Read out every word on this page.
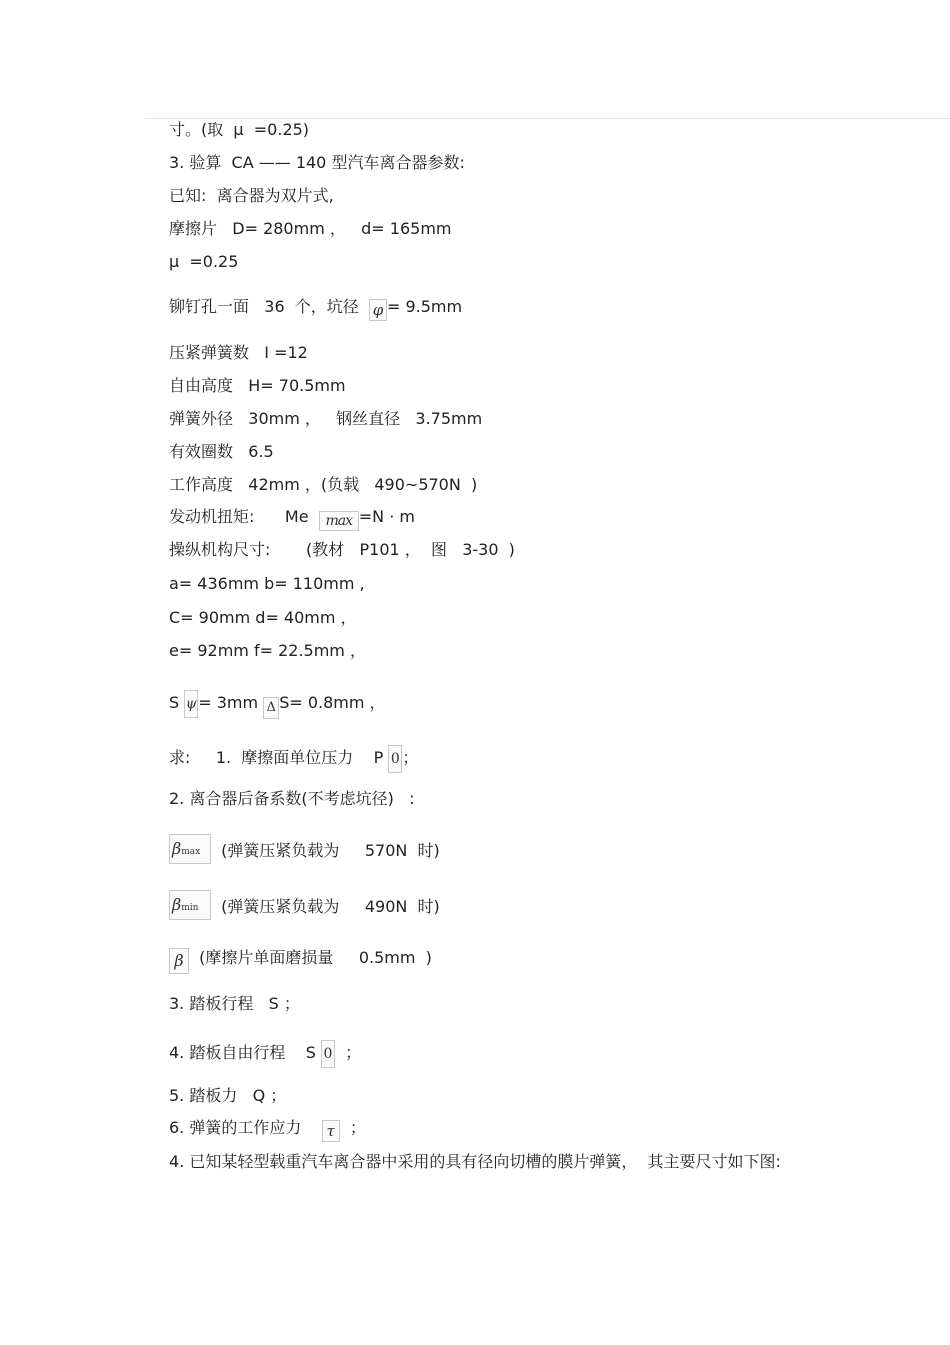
寸。(取  μ  =0.25)
3. 验算  CA —— 140 型汽车离合器参数:
已知:  离合器为双片式,
摩擦片   D= 280mm ，   d= 165mm
μ  =0.25
铆钉孔一面   36  个，坑径  φ = 9.5mm
压紧弹簧数   I =12
自由高度   H= 70.5mm
弹簧外径   30mm ，   钢丝直径   3.75mm
有效圈数   6.5
工作高度   42mm ，(负载   490~570N  )
发动机扭矩:      Me  max =N · m
操纵机构尺寸:       (教材   P101 ，  图   3-30  )
a= 436mm b= 110mm ,
C= 90mm d= 40mm ，
e= 92mm f= 22.5mm ，
S ψ= 3mm Δ S= 0.8mm ，
求:     1.  摩擦面单位压力    P 0 ；
2. 离合器后备系数(不考虑坑径)   :
βmax  (弹簧压紧负载为     570N  时)
βmin  (弹簧压紧负载为     490N  时)
β  (摩擦片单面磨损量     0.5mm  )
3. 踏板行程   S ；
4. 踏板自由行程    S 0  ；
5. 踏板力   Q ；
6. 弹簧的工作应力    τ  ；
4. 已知某轻型载重汽车离合器中采用的具有径向切槽的膜片弹簧，  其主要尺寸如下图:
